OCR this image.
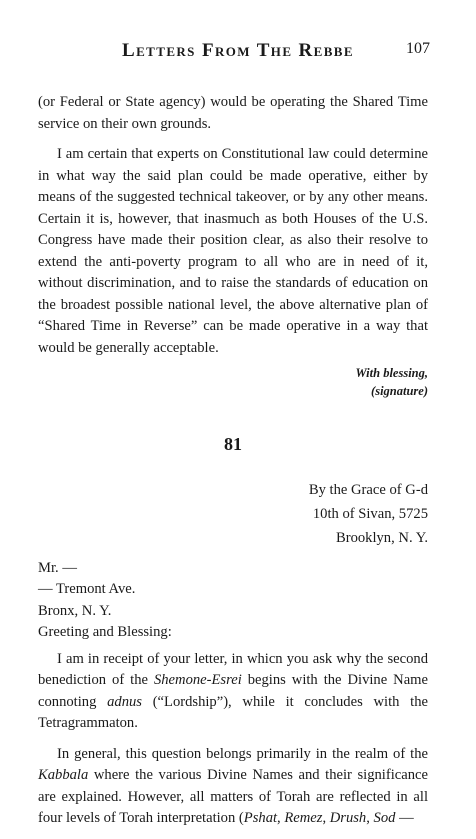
Letters From The Rebbe	107

(or Federal or State agency) would be operating the Shared Time service on their own grounds.

I am certain that experts on Constitutional law could determine in what way the said plan could be made operative, either by means of the suggested technical takeover, or by any other means. Certain it is, however, that inasmuch as both Houses of the U.S. Congress have made their position clear, as also their resolve to extend the anti-poverty program to all who are in need of it, without discrimination, and to raise the standards of education on the broadest possible national level, the above alternative plan of “Shared Time in Reverse” can be made operative in a way that would be generally acceptable.

With blessing,
(signature)
81
By the Grace of G-d
10th of Sivan, 5725
Brooklyn, N. Y.
Mr. —
— Tremont Ave.
Bronx, N. Y.
Greeting and Blessing:

I am in receipt of your letter, in whicn you ask why the second benediction of the Shemone-Esrei begins with the Divine Name connoting adnus (“Lordship”), while it concludes with the Tetragrammaton.

In general, this question belongs primarily in the realm of the Kabbala where the various Divine Names and their significance are explained. However, all matters of Torah are reflected in all four levels of Torah interpretation (Pshat, Remez, Drush, Sod —
